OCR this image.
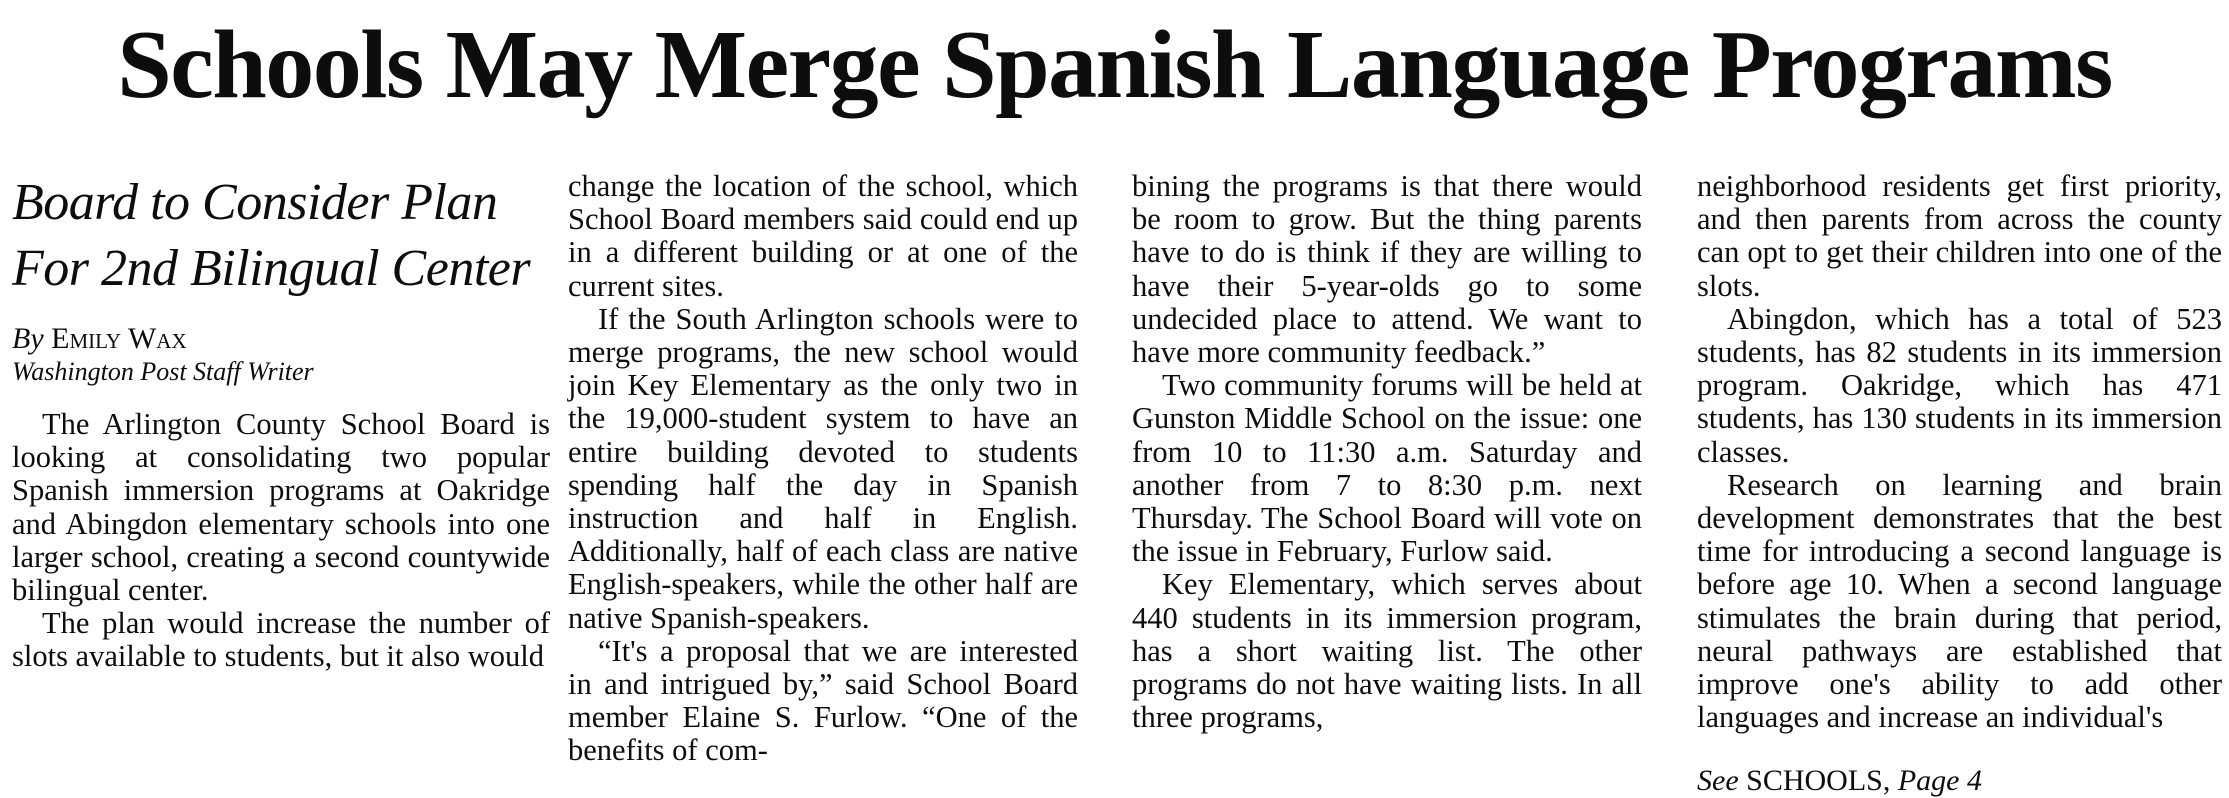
Schools May Merge Spanish Language Programs
Board to Consider Plan
For 2nd Bilingual Center
By Emily Wax
Washington Post Staff Writer

The Arlington County School Board is looking at consolidating two popular Spanish immersion programs at Oakridge and Abingdon elementary schools into one larger school, creating a second countywide bilingual center.

The plan would increase the number of slots available to students, but it also would

change the location of the school, which School Board members said could end up in a different building or at one of the current sites.

If the South Arlington schools were to merge programs, the new school would join Key Elementary as the only two in the 19,000-student system to have an entire building devoted to students spending half the day in Spanish instruction and half in English. Additionally, half of each class are native English-speakers, while the other half are native Spanish-speakers.

“It's a proposal that we are interested in and intrigued by,” said School Board member Elaine S. Furlow. “One of the benefits of com-

bining the programs is that there would be room to grow. But the thing parents have to do is think if they are willing to have their 5-year-olds go to some undecided place to attend. We want to have more community feedback.”

Two community forums will be held at Gunston Middle School on the issue: one from 10 to 11:30 a.m. Saturday and another from 7 to 8:30 p.m. next Thursday. The School Board will vote on the issue in February, Furlow said.

Key Elementary, which serves about 440 students in its immersion program, has a short waiting list. The other programs do not have waiting lists. In all three programs,

neighborhood residents get first priority, and then parents from across the county can opt to get their children into one of the slots.

Abingdon, which has a total of 523 students, has 82 students in its immersion program. Oakridge, which has 471 students, has 130 students in its immersion classes.

Research on learning and brain development demonstrates that the best time for introducing a second language is before age 10. When a second language stimulates the brain during that period, neural pathways are established that improve one's ability to add other languages and increase an individual's

See SCHOOLS, Page 4
